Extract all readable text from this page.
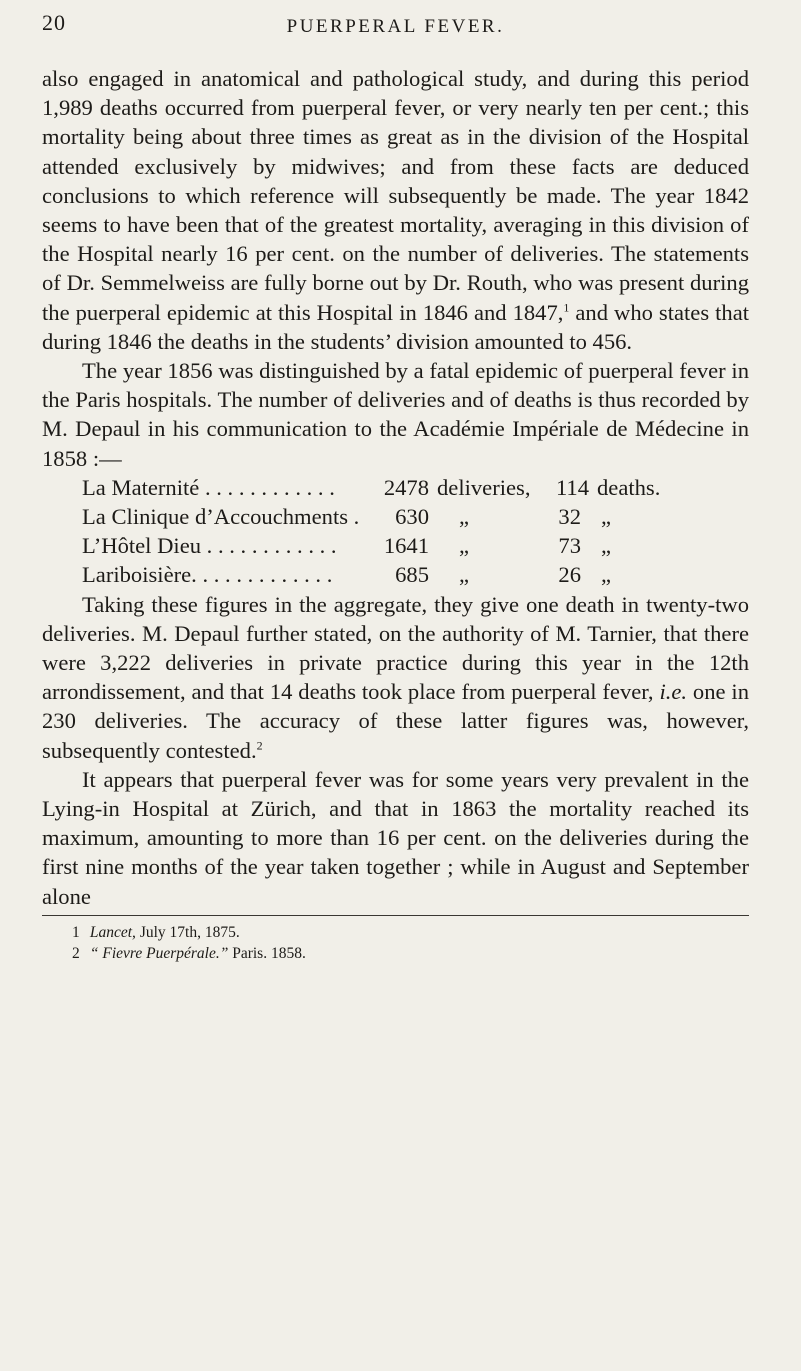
20	PUERPERAL FEVER.

also engaged in anatomical and pathological study, and during this period 1,989 deaths occurred from puerperal fever, or very nearly ten per cent.; this mortality being about three times as great as in the division of the Hospital attended exclusively by midwives; and from these facts are deduced conclusions to which reference will subsequently be made. The year 1842 seems to have been that of the greatest mortality, averaging in this division of the Hospital nearly 16 per cent. on the number of deliveries. The statements of Dr. Semmelweiss are fully borne out by Dr. Routh, who was present during the puerperal epidemic at this Hospital in 1846 and 1847,$^1$ and who states that during 1846 the deaths in the students’ division amounted to 456.

The year 1856 was distinguished by a fatal epidemic of puerperal fever in the Paris hospitals. The number of deliveries and of deaths is thus recorded by M. Depaul in his communication to the Académie Impériale de Médecine in 1858 :—

La Maternité . . . . . . . . . . . .	2478 deliveries,	114 deaths.
La Clinique d’Accouchments .	630	„	32 „
L’Hôtel Dieu . . . . . . . . . . . .	1641	„	73 „
Lariboisière. . . . . . . . . . . . .	685	„	26 „

Taking these figures in the aggregate, they give one death in twenty-two deliveries. M. Depaul further stated, on the authority of M. Tarnier, that there were 3,222 deliveries in private practice during this year in the 12th arrondissement, and that 14 deaths took place from puerperal fever, i.e. one in 230 deliveries. The accuracy of these latter figures was, however, subsequently contested.$^2$

It appears that puerperal fever was for some years very prevalent in the Lying-in Hospital at Zürich, and that in 1863 the mortality reached its maximum, amounting to more than 16 per cent. on the deliveries during the first nine months of the year taken together ; while in August and September alone

1 Lancet, July 17th, 1875.

2 “ Fievre Puerpérale.” Paris. 1858.
